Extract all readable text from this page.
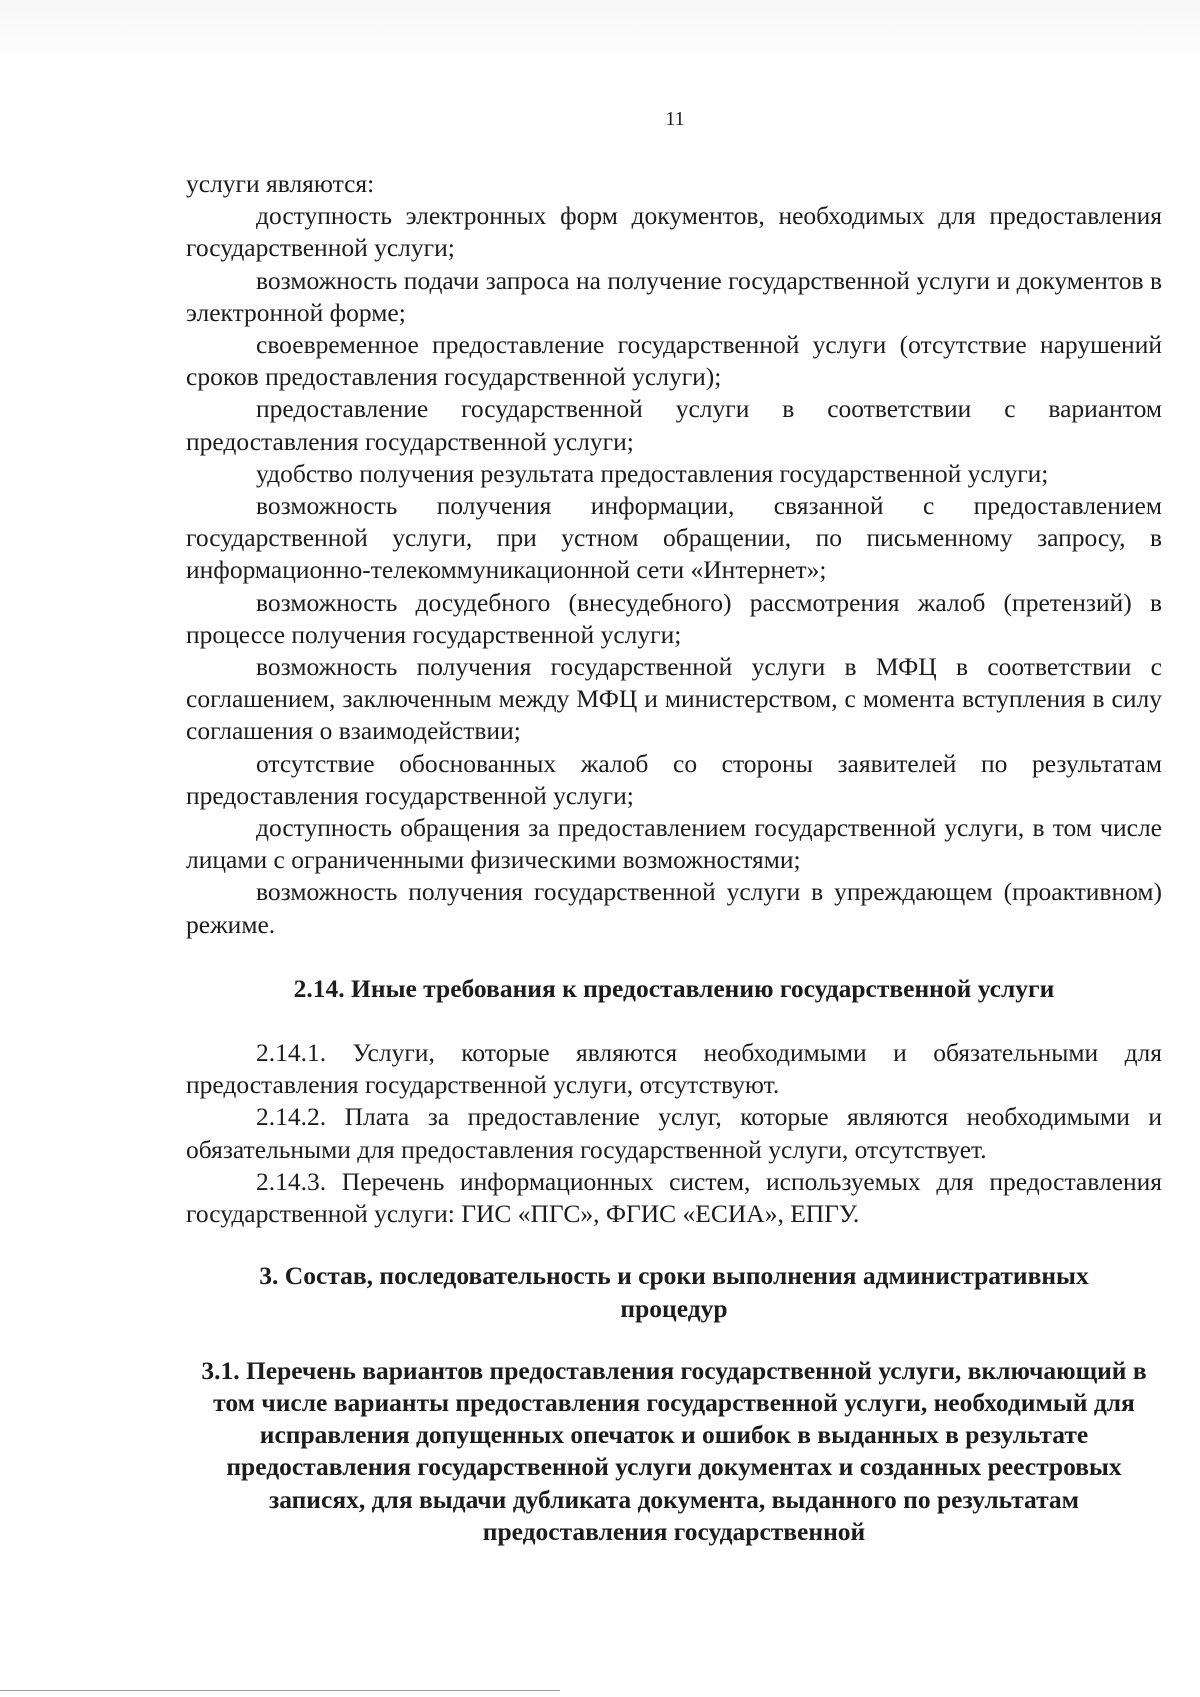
11

услуги являются:

доступность электронных форм документов, необходимых для предоставления государственной услуги;

возможность подачи запроса на получение государственной услуги и документов в электронной форме;

своевременное предоставление государственной услуги (отсутствие нарушений сроков предоставления государственной услуги);

предоставление государственной услуги в соответствии с вариантом предоставления государственной услуги;

удобство получения результата предоставления государственной услуги;

возможность получения информации, связанной с предоставлением государственной услуги, при устном обращении, по письменному запросу, в информационно-телекоммуникационной сети «Интернет»;

возможность досудебного (внесудебного) рассмотрения жалоб (претензий) в процессе получения государственной услуги;

возможность получения государственной услуги в МФЦ в соответствии с соглашением, заключенным между МФЦ и министерством, с момента вступления в силу соглашения о взаимодействии;

отсутствие обоснованных жалоб со стороны заявителей по результатам предоставления государственной услуги;

доступность обращения за предоставлением государственной услуги, в том числе лицами с ограниченными физическими возможностями;

возможность получения государственной услуги в упреждающем (проактивном) режиме.

2.14. Иные требования к предоставлению государственной услуги

2.14.1. Услуги, которые являются необходимыми и обязательными для предоставления государственной услуги, отсутствуют.

2.14.2. Плата за предоставление услуг, которые являются необходимыми и обязательными для предоставления государственной услуги, отсутствует.

2.14.3. Перечень информационных систем, используемых для предоставления государственной услуги: ГИС «ПГС», ФГИС «ЕСИА», ЕПГУ.

3. Состав, последовательность и сроки выполнения административных процедур
3.1. Перечень вариантов предоставления государственной услуги, включающий в том числе варианты предоставления государственной услуги, необходимый для исправления допущенных опечаток и ошибок в выданных в результате предоставления государственной услуги документах и созданных реестровых записях, для выдачи дубликата документа, выданного по результатам предоставления государственной
